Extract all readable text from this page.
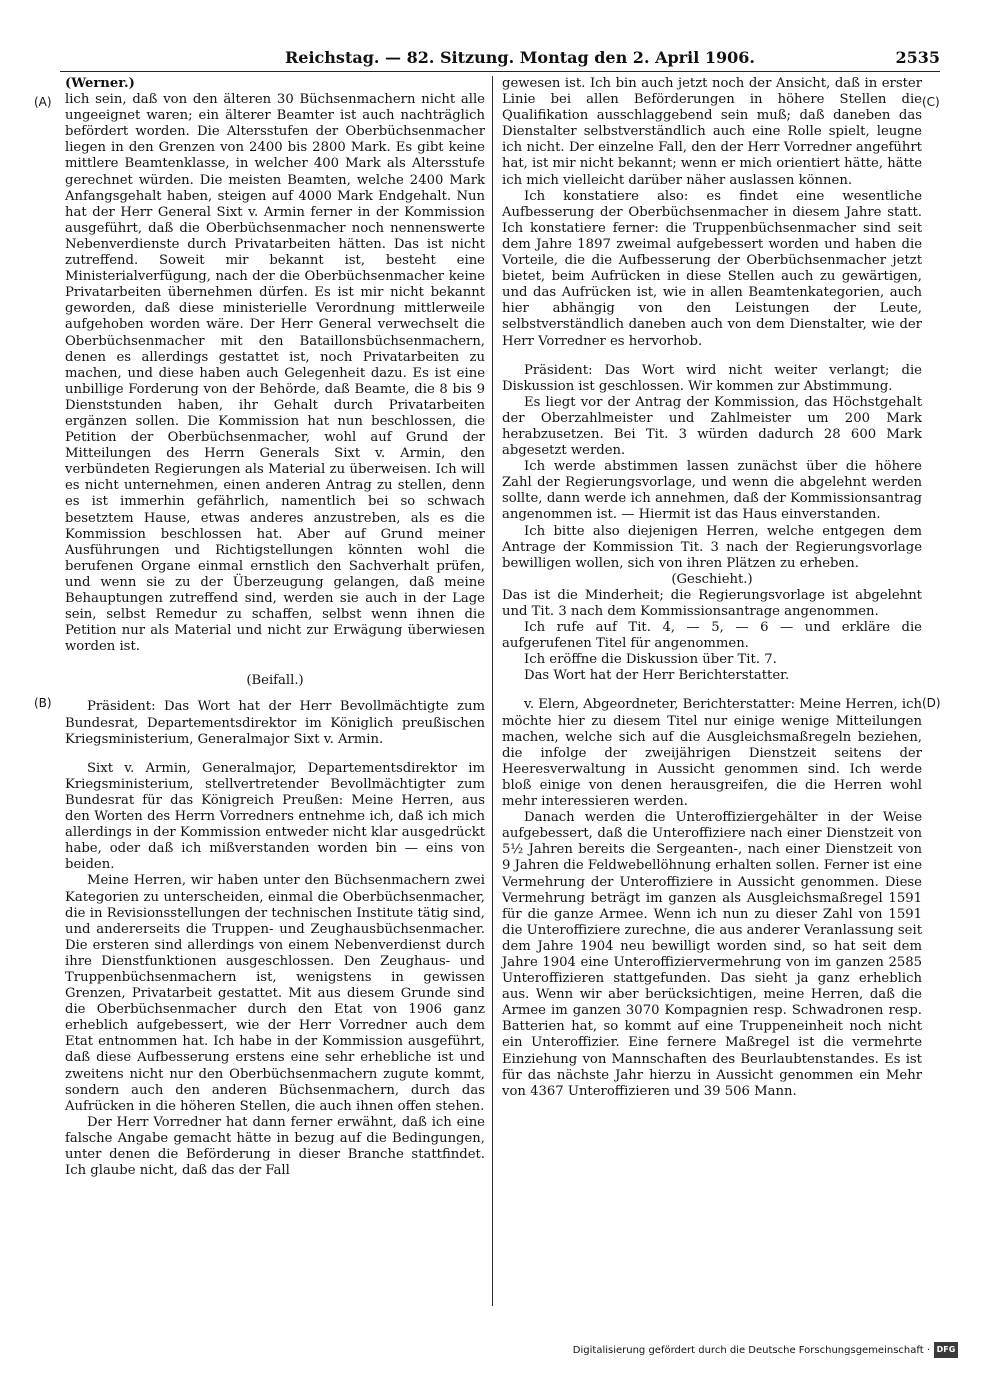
Reichstag. — 82. Sitzung. Montag den 2. April 1906.	2535
(A)
(B)
(C)
(D)

(Werner.)

lich sein, daß von den älteren 30 Büchsenmachern nicht alle ungeeignet waren; ein älterer Beamter ist auch nachträglich befördert worden. Die Altersstufen der Oberbüchsenmacher liegen in den Grenzen von 2400 bis 2800 Mark. Es gibt keine mittlere Beamtenklasse, in welcher 400 Mark als Altersstufe gerechnet würden. Die meisten Beamten, welche 2400 Mark Anfangsgehalt haben, steigen auf 4000 Mark Endgehalt. Nun hat der Herr General Sixt v. Armin ferner in der Kommission ausgeführt, daß die Oberbüchsenmacher noch nennenswerte Nebenverdienste durch Privatarbeiten hätten. Das ist nicht zutreffend. Soweit mir bekannt ist, besteht eine Ministerialverfügung, nach der die Oberbüchsenmacher keine Privatarbeiten übernehmen dürfen. Es ist mir nicht bekannt geworden, daß diese ministerielle Verordnung mittlerweile aufgehoben worden wäre. Der Herr General verwechselt die Oberbüchsenmacher mit den Bataillonsbüchsenmachern, denen es allerdings gestattet ist, noch Privatarbeiten zu machen, und diese haben auch Gelegenheit dazu. Es ist eine unbillige Forderung von der Behörde, daß Beamte, die 8 bis 9 Dienststunden haben, ihr Gehalt durch Privatarbeiten ergänzen sollen. Die Kommission hat nun beschlossen, die Petition der Oberbüchsenmacher, wohl auf Grund der Mitteilungen des Herrn Generals Sixt v. Armin, den verbündeten Regierungen als Material zu überweisen. Ich will es nicht unternehmen, einen anderen Antrag zu stellen, denn es ist immerhin gefährlich, namentlich bei so schwach besetztem Hause, etwas anderes anzustreben, als es die Kommission beschlossen hat. Aber auf Grund meiner Ausführungen und Richtigstellungen könnten wohl die berufenen Organe einmal ernstlich den Sachverhalt prüfen, und wenn sie zu der Überzeugung gelangen, daß meine Behauptungen zutreffend sind, werden sie auch in der Lage sein, selbst Remedur zu schaffen, selbst wenn ihnen die Petition nur als Material und nicht zur Erwägung überwiesen worden ist.

(Beifall.)

Präsident: Das Wort hat der Herr Bevollmächtigte zum Bundesrat, Departementsdirektor im Königlich preußischen Kriegsministerium, Generalmajor Sixt v. Armin.

Sixt v. Armin, Generalmajor, Departementsdirektor im Kriegsministerium, stellvertretender Bevollmächtigter zum Bundesrat für das Königreich Preußen: Meine Herren, aus den Worten des Herrn Vorredners entnehme ich, daß ich mich allerdings in der Kommission entweder nicht klar ausgedrückt habe, oder daß ich mißverstanden worden bin — eins von beiden.

Meine Herren, wir haben unter den Büchsenmachern zwei Kategorien zu unterscheiden, einmal die Oberbüchsenmacher, die in Revisionsstellungen der technischen Institute tätig sind, und andererseits die Truppen- und Zeughausbüchsenmacher. Die ersteren sind allerdings von einem Nebenverdienst durch ihre Dienstfunktionen ausgeschlossen. Den Zeughaus- und Truppenbüchsenmachern ist, wenigstens in gewissen Grenzen, Privatarbeit gestattet. Mit aus diesem Grunde sind die Oberbüchsenmacher durch den Etat von 1906 ganz erheblich aufgebessert, wie der Herr Vorredner auch dem Etat entnommen hat. Ich habe in der Kommission ausgeführt, daß diese Aufbesserung erstens eine sehr erhebliche ist und zweitens nicht nur den Oberbüchsenmachern zugute kommt, sondern auch den anderen Büchsenmachern, durch das Aufrücken in die höheren Stellen, die auch ihnen offen stehen.

Der Herr Vorredner hat dann ferner erwähnt, daß ich eine falsche Angabe gemacht hätte in bezug auf die Bedingungen, unter denen die Beförderung in dieser Branche stattfindet. Ich glaube nicht, daß das der Fall

gewesen ist. Ich bin auch jetzt noch der Ansicht, daß in erster Linie bei allen Beförderungen in höhere Stellen die Qualifikation ausschlaggebend sein muß; daß daneben das Dienstalter selbstverständlich auch eine Rolle spielt, leugne ich nicht. Der einzelne Fall, den der Herr Vorredner angeführt hat, ist mir nicht bekannt; wenn er mich orientiert hätte, hätte ich mich vielleicht darüber näher auslassen können.

Ich konstatiere also: es findet eine wesentliche Aufbesserung der Oberbüchsenmacher in diesem Jahre statt. Ich konstatiere ferner: die Truppenbüchsenmacher sind seit dem Jahre 1897 zweimal aufgebessert worden und haben die Vorteile, die die Aufbesserung der Oberbüchsenmacher jetzt bietet, beim Aufrücken in diese Stellen auch zu gewärtigen, und das Aufrücken ist, wie in allen Beamtenkategorien, auch hier abhängig von den Leistungen der Leute, selbstverständlich daneben auch von dem Dienstalter, wie der Herr Vorredner es hervorhob.

Präsident: Das Wort wird nicht weiter verlangt; die Diskussion ist geschlossen. Wir kommen zur Abstimmung.

Es liegt vor der Antrag der Kommission, das Höchstgehalt der Oberzahlmeister und Zahlmeister um 200 Mark herabzusetzen. Bei Tit. 3 würden dadurch 28 600 Mark abgesetzt werden.

Ich werde abstimmen lassen zunächst über die höhere Zahl der Regierungsvorlage, und wenn die abgelehnt werden sollte, dann werde ich annehmen, daß der Kommissionsantrag angenommen ist. — Hiermit ist das Haus einverstanden.

Ich bitte also diejenigen Herren, welche entgegen dem Antrage der Kommission Tit. 3 nach der Regierungsvorlage bewilligen wollen, sich von ihren Plätzen zu erheben.

(Geschieht.)

Das ist die Minderheit; die Regierungsvorlage ist abgelehnt und Tit. 3 nach dem Kommissionsantrage angenommen.

Ich rufe auf Tit. 4, — 5, — 6 — und erkläre die aufgerufenen Titel für angenommen.

Ich eröffne die Diskussion über Tit. 7.

Das Wort hat der Herr Berichterstatter.

v. Elern, Abgeordneter, Berichterstatter: Meine Herren, ich möchte hier zu diesem Titel nur einige wenige Mitteilungen machen, welche sich auf die Ausgleichsmaßregeln beziehen, die infolge der zweijährigen Dienstzeit seitens der Heeresverwaltung in Aussicht genommen sind. Ich werde bloß einige von denen herausgreifen, die die Herren wohl mehr interessieren werden.

Danach werden die Unteroffiziergehälter in der Weise aufgebessert, daß die Unteroffiziere nach einer Dienstzeit von 5½ Jahren bereits die Sergeanten-, nach einer Dienstzeit von 9 Jahren die Feldwebellöhnung erhalten sollen. Ferner ist eine Vermehrung der Unteroffiziere in Aussicht genommen. Diese Vermehrung beträgt im ganzen als Ausgleichsmaßregel 1591 für die ganze Armee. Wenn ich nun zu dieser Zahl von 1591 die Unteroffiziere zurechne, die aus anderer Veranlassung seit dem Jahre 1904 neu bewilligt worden sind, so hat seit dem Jahre 1904 eine Unteroffiziervermehrung von im ganzen 2585 Unteroffizieren stattgefunden. Das sieht ja ganz erheblich aus. Wenn wir aber berücksichtigen, meine Herren, daß die Armee im ganzen 3070 Kompagnien resp. Schwadronen resp. Batterien hat, so kommt auf eine Truppeneinheit noch nicht ein Unteroffizier. Eine fernere Maßregel ist die vermehrte Einziehung von Mannschaften des Beurlaubtenstandes. Es ist für das nächste Jahr hierzu in Aussicht genommen ein Mehr von 4367 Unteroffizieren und 39 506 Mann.

Digitalisierung gefördert durch die Deutsche Forschungsgemeinschaft · DFG
